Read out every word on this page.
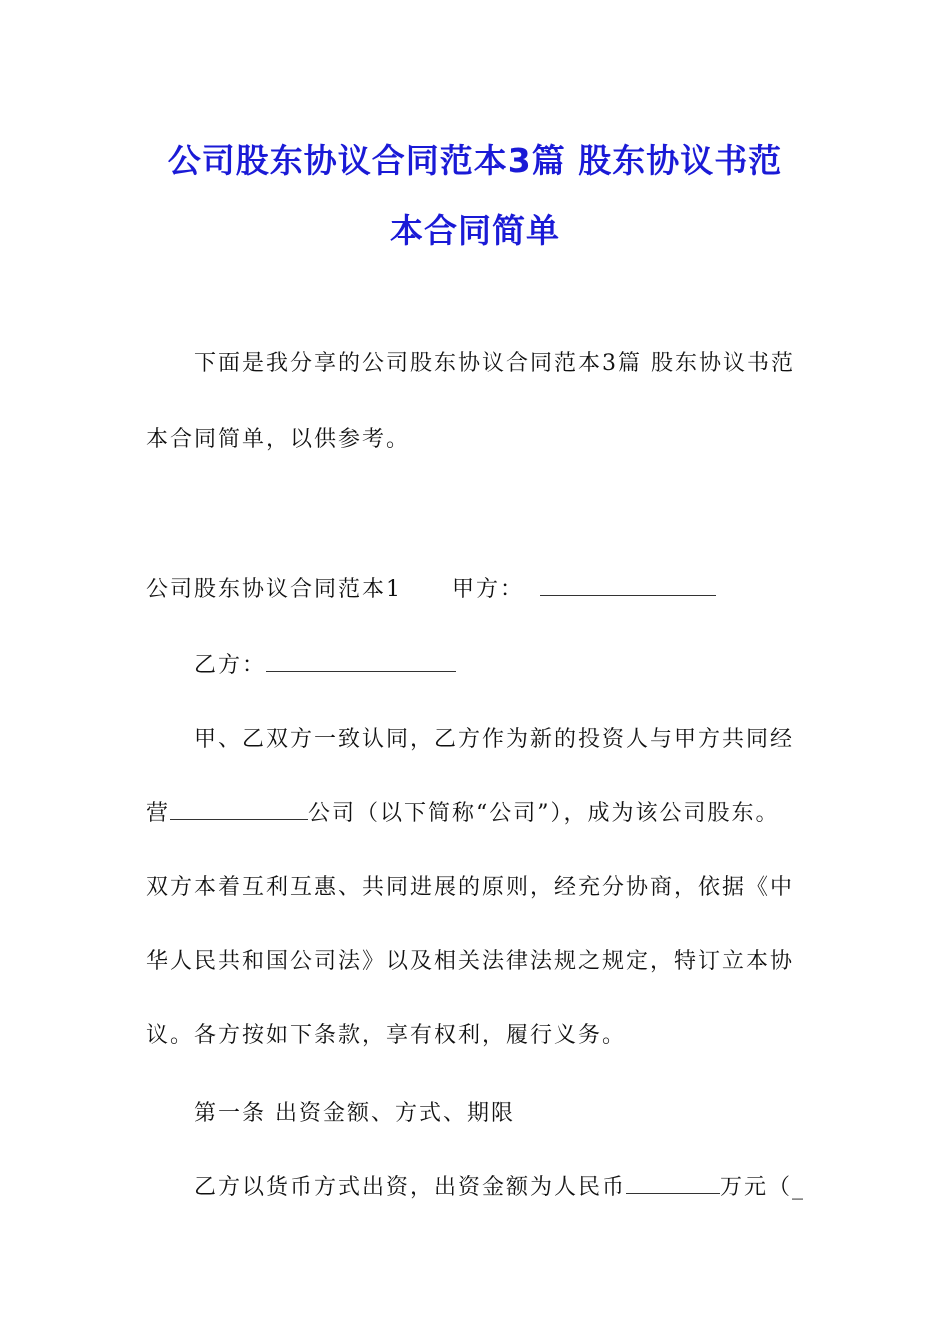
公司股东协议合同范本3篇 股东协议书范
本合同简单
下面是我分享的公司股东协议合同范本3篇 股东协议书范
本合同简单，以供参考。
公司股东协议合同范本1 甲方：
乙方：
甲、乙双方一致认同，乙方作为新的投资人与甲方共同经
营	公司（以下简称“公司”），成为该公司股东。
双方本着互利互惠、共同进展的原则，经充分协商，依据《中
华人民共和国公司法》以及相关法律法规之规定，特订立本协
议。各方按如下条款，享有权利，履行义务。
第一条 出资金额、方式、期限
乙方以货币方式出资，出资金额为人民币	万元（_
